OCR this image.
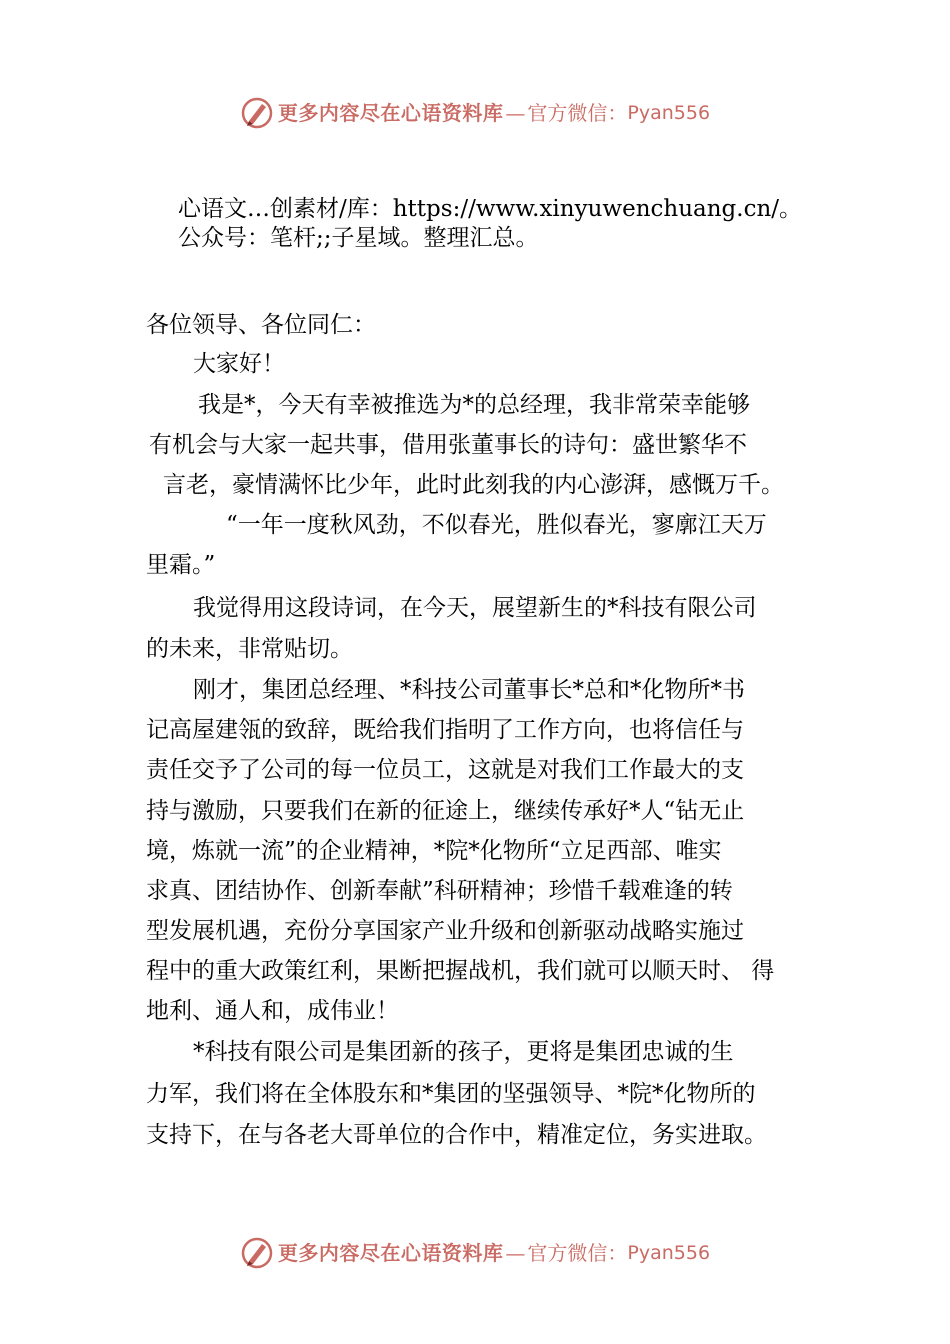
更多内容尽在心语资料库 — 官方微信： Pyan556
心语文…创素材/库：https://www.xinyuwenchuang.cn/。
公众号：笔杆;;子星域。整理汇总。
各位领导、各位同仁：
大家好！
我是*，今天有幸被推选为*的总经理，我非常荣幸能够
有机会与大家一起共事，借用张董事长的诗句：盛世繁华不
言老，豪情满怀比少年，此时此刻我的内心澎湃，感慨万千。
“一年一度秋风劲，不似春光，胜似春光，寥廓江天万
里霜。”
我觉得用这段诗词，在今天，展望新生的*科技有限公司
的未来，非常贴切。
刚才，集团总经理、*科技公司董事长*总和*化物所*书
记高屋建瓴的致辞，既给我们指明了工作方向，也将信任与
责任交予了公司的每一位员工，这就是对我们工作最大的支
持与激励，只要我们在新的征途上，继续传承好*人“钻无止
境，炼就一流”的企业精神，*院*化物所“立足西部、唯实
求真、团结协作、创新奉献”科研精神；珍惜千载难逢的转
型发展机遇，充份分享国家产业升级和创新驱动战略实施过
程中的重大政策红利，果断把握战机，我们就可以顺天时、 得
地利、通人和，成伟业！
*科技有限公司是集团新的孩子，更将是集团忠诚的生
力军，我们将在全体股东和*集团的坚强领导、*院*化物所的
支持下，在与各老大哥单位的合作中，精准定位，务实进取。
更多内容尽在心语资料库 — 官方微信： Pyan556
